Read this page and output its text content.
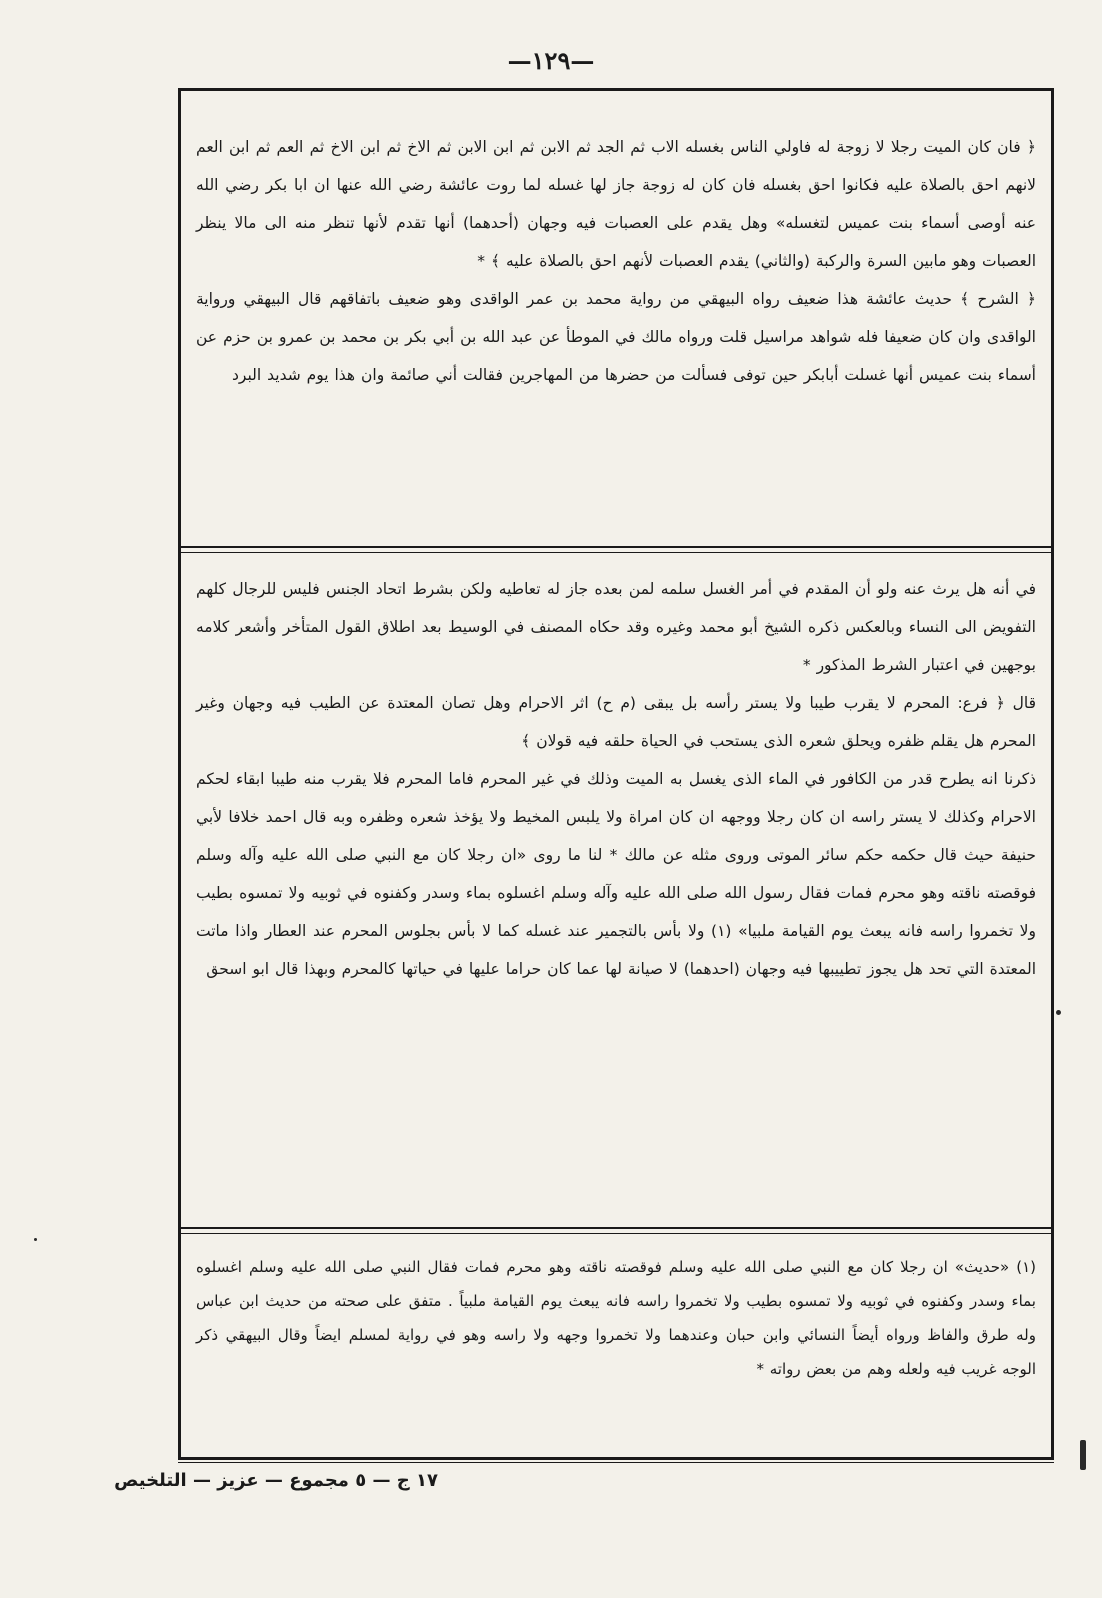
—١٢٩—

﴿ فان كان الميت رجلا لا زوجة له فاولي الناس بغسله الاب ثم الجد ثم الابن ثم ابن الابن ثم الاخ ثم ابن الاخ ثم العم ثم ابن العم لانهم احق بالصلاة عليه فكانوا احق بغسله فان كان له زوجة جاز لها غسله لما روت عائشة رضي الله عنها ان ابا بكر رضي الله عنه أوصى أسماء بنت عميس لتغسله» وهل يقدم على العصبات فيه وجهان (أحدهما) أنها تقدم لأنها تنظر منه الى مالا ينظر العصبات وهو مابين السرة والركبة (والثاني) يقدم العصبات لأنهم احق بالصلاة عليه ﴾ *

﴿ الشرح ﴾ حديث عائشة هذا ضعيف رواه البيهقي من رواية محمد بن عمر الواقدى وهو ضعيف باتفاقهم قال البيهقي ورواية الواقدى وان كان ضعيفا فله شواهد مراسيل قلت ورواه مالك في الموطأ عن عبد الله بن أبي بكر بن محمد بن عمرو بن حزم عن أسماء بنت عميس أنها غسلت أبابكر حين توفى فسألت من حضرها من المهاجرين فقالت أني صائمة وان هذا يوم شديد البرد

في أنه هل يرث عنه ولو أن المقدم في أمر الغسل سلمه لمن بعده جاز له تعاطيه ولكن بشرط اتحاد الجنس فليس للرجال كلهم التفويض الى النساء وبالعكس ذكره الشيخ أبو محمد وغيره وقد حكاه المصنف في الوسيط بعد اطلاق القول المتأخر وأشعر كلامه بوجهين في اعتبار الشرط المذكور *

قال ﴿ فرع: المحرم لا يقرب طيبا ولا يستر رأسه بل يبقى (م ح) اثر الاحرام وهل تصان المعتدة عن الطيب فيه وجهان وغير المحرم هل يقلم ظفره ويحلق شعره الذى يستحب في الحياة حلقه فيه قولان ﴾

ذكرنا انه يطرح قدر من الكافور في الماء الذى يغسل به الميت وذلك في غير المحرم فاما المحرم فلا يقرب منه طيبا ابقاء لحكم الاحرام وكذلك لا يستر راسه ان كان رجلا ووجهه ان كان امراة ولا يلبس المخيط ولا يؤخذ شعره وظفره وبه قال احمد خلافا لأبي حنيفة حيث قال حكمه حكم سائر الموتى وروى مثله عن مالك * لنا ما روى «ان رجلا كان مع النبي صلى الله عليه وآله وسلم فوقصته ناقته وهو محرم فمات فقال رسول الله صلى الله عليه وآله وسلم اغسلوه بماء وسدر وكفنوه في ثوبيه ولا تمسوه بطيب ولا تخمروا راسه فانه يبعث يوم القيامة ملبيا» (١) ولا بأس بالتجمير عند غسله كما لا بأس بجلوس المحرم عند العطار واذا ماتت المعتدة التي تحد هل يجوز تطييبها فيه وجهان (احدهما) لا صيانة لها عما كان حراما عليها في حياتها كالمحرم وبهذا قال ابو اسحق

(١) «حديث» ان رجلا كان مع النبي صلى الله عليه وسلم فوقصته ناقته وهو محرم فمات فقال النبي صلى الله عليه وسلم اغسلوه بماء وسدر وكفنوه في ثوبيه ولا تمسوه بطيب ولا تخمروا راسه فانه يبعث يوم القيامة ملبياً . متفق على صحته من حديث ابن عباس وله طرق والفاظ ورواه أيضاً النسائي وابن حبان وعندهما ولا تخمروا وجهه ولا راسه وهو في رواية لمسلم ايضاً وقال البيهقي ذكر الوجه غريب فيه ولعله وهم من بعض رواته *

١٧ ج — ٥ مجموع — عزيز — التلخيص
